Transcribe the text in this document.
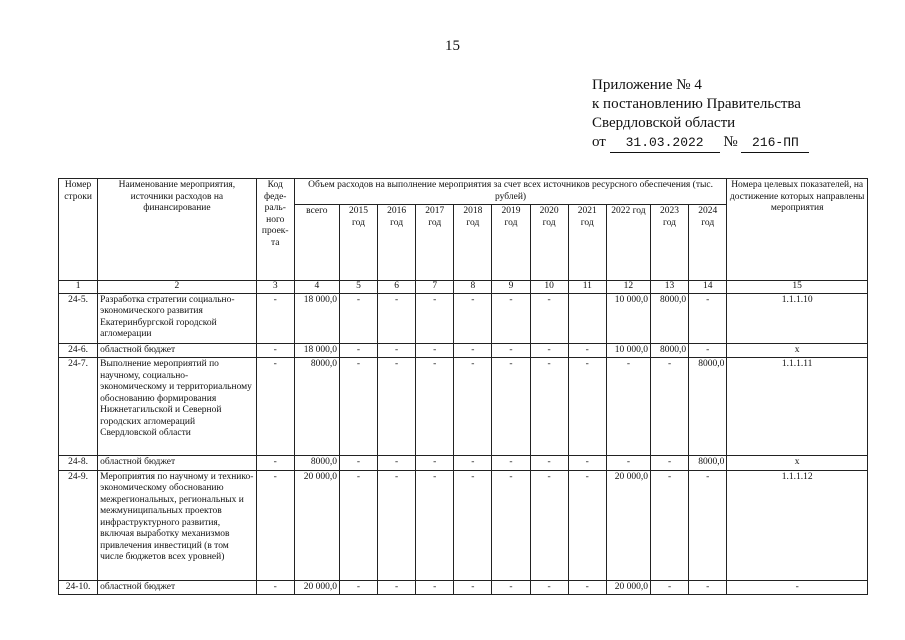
15
Приложение № 4
к постановлению Правительства
Свердловской области
от 31.03.2022 № 216-ПП
Номер строки	Наименование мероприятия, источники расходов на финансирование	Код феде-раль-ного проек-та	Объем расходов на выполнение мероприятия за счет всех источников ресурсного обеспечения (тыс. рублей)											Номера целевых показателей, на достижение которых направлены мероприятия
			всего	2015 год	2016 год	2017 год	2018 год	2019 год	2020 год	2021 год	2022 год	2023 год	2024 год	
1	2	3	4	5	6	7	8	9	10	11	12	13	14	15
24-5.	Разработка стратегии социально-экономического развития Екатеринбургской городской агломерации	-	18 000,0	-	-	-	-	-	-		10 000,0	8000,0	-	1.1.1.10
24-6.	областной бюджет	-	18 000,0	-	-	-	-	-	-	-	10 000,0	8000,0	-	x
24-7.	Выполнение мероприятий по научному, социально-экономическому и территориальному обоснованию формирования Нижнетагильской и Северной городских агломераций Свердловской области	-	8000,0	-	-	-	-	-	-	-	-	-	8000,0	1.1.1.11
24-8.	областной бюджет	-	8000,0	-	-	-	-	-	-	-	-	-	8000,0	x
24-9.	Мероприятия по научному и технико-экономическому обоснованию межрегиональных, региональных и межмуниципальных проектов инфраструктурного развития, включая выработку механизмов привлечения инвестиций (в том числе бюджетов всех уровней)	-	20 000,0	-	-	-	-	-	-	-	20 000,0	-	-	1.1.1.12
24-10.	областной бюджет	-	20 000,0	-	-	-	-	-	-	-	20 000,0	-	-	-
